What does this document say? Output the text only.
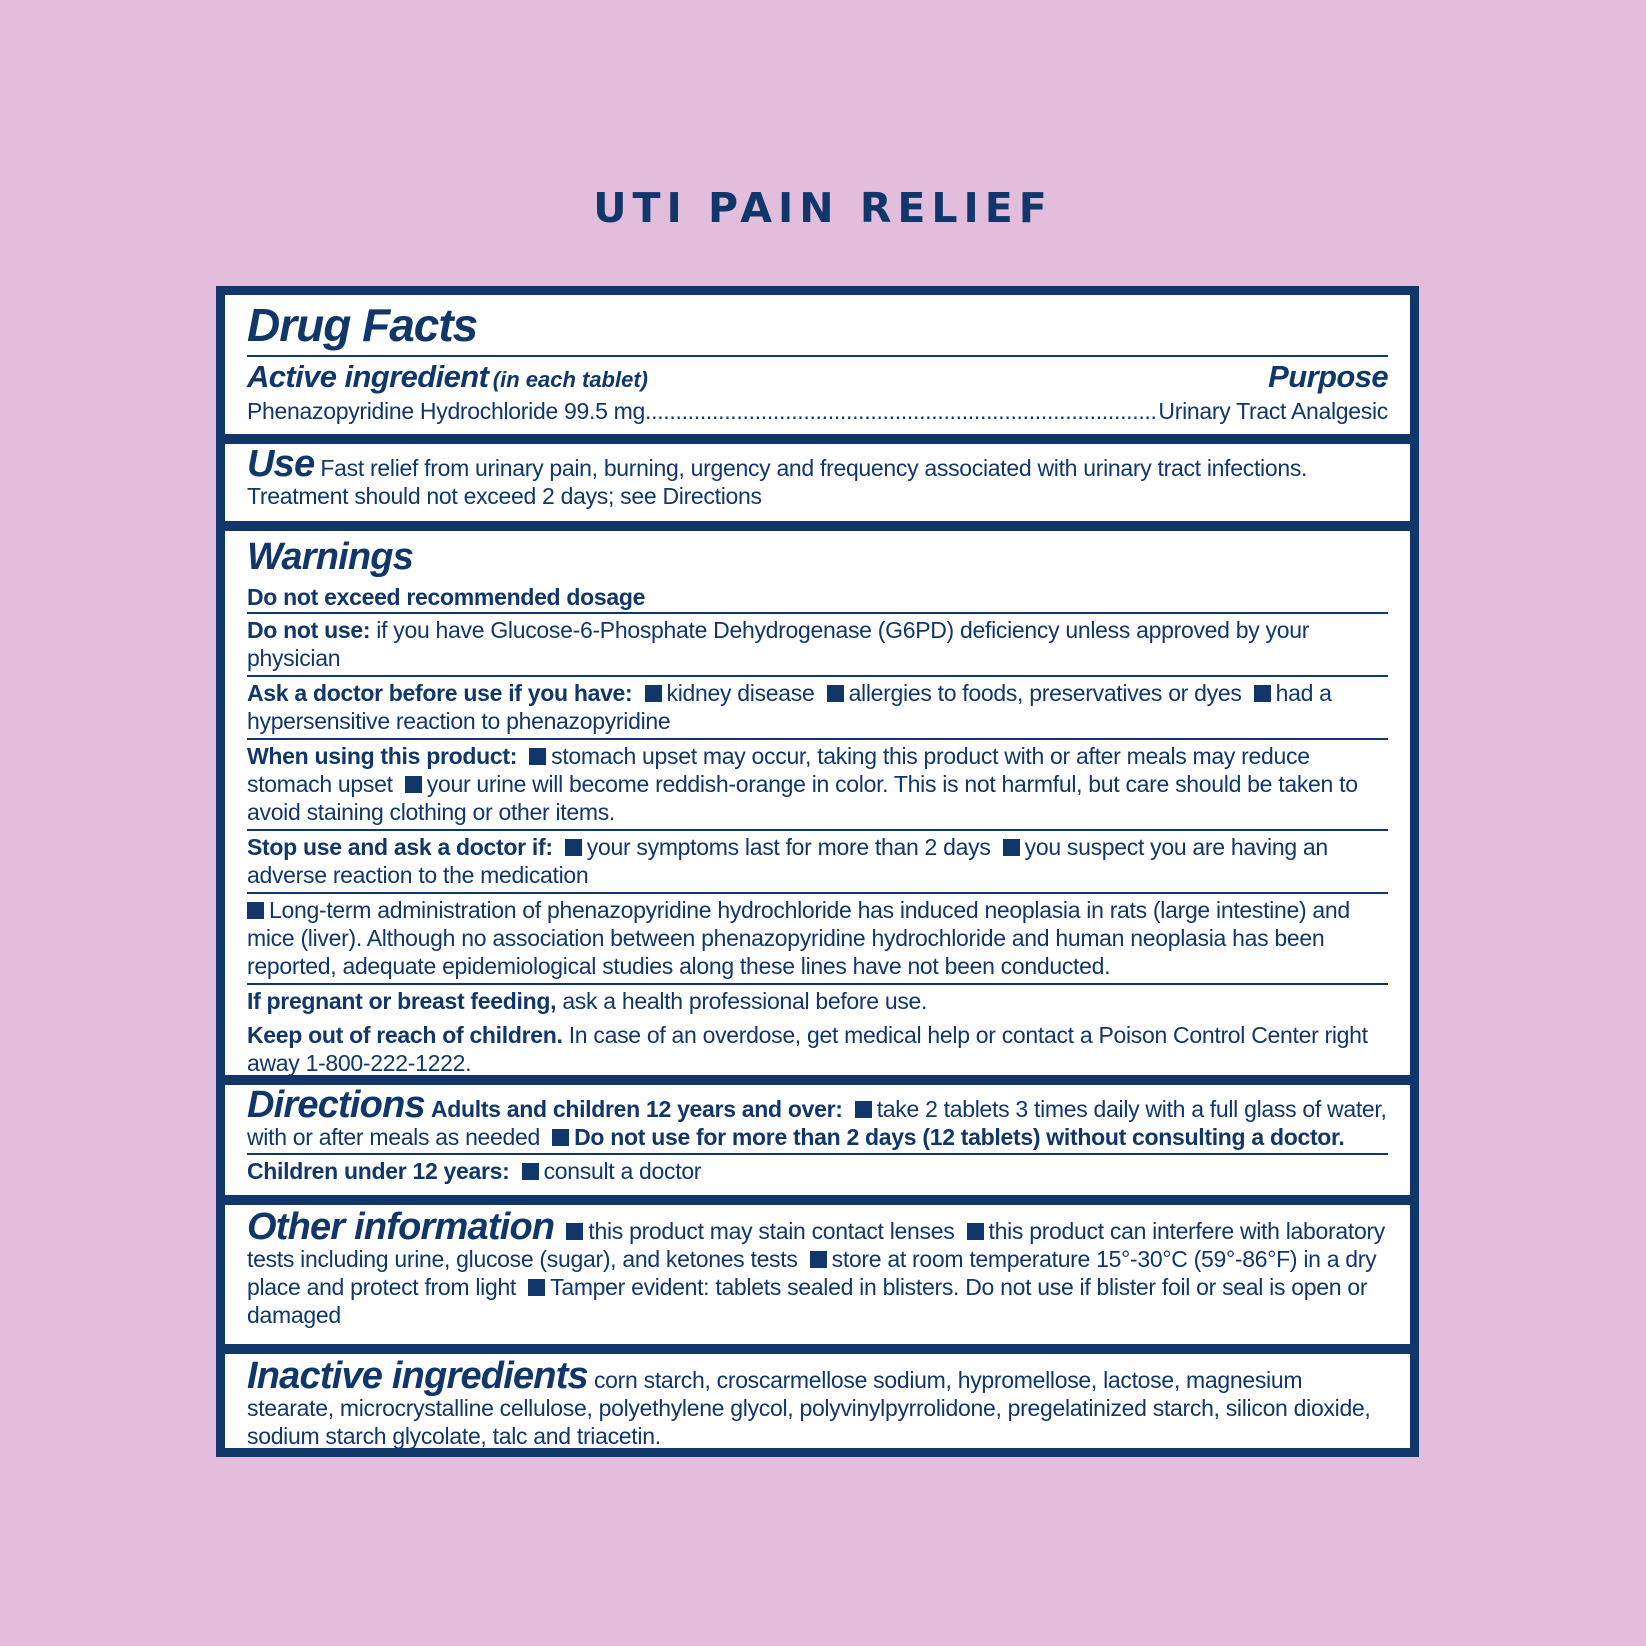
UTI PAIN RELIEF
Drug Facts
Active ingredient (in each tablet)	Purpose
Phenazopyridine Hydrochloride 99.5 mg
.....	Urinary Tract Analgesic
Use Fast relief from urinary pain, burning, urgency and frequency associated with urinary tract infections.
Treatment should not exceed 2 days; see Directions
Warnings
Do not exceed recommended dosage
Do not use: if you have Glucose-6-Phosphate Dehydrogenase (G6PD) deficiency unless approved by your physician
Ask a doctor before use if you have: kidney disease allergies to foods, preservatives or dyes had a hypersensitive reaction to phenazopyridine
When using this product: stomach upset may occur, taking this product with or after meals may reduce stomach upset your urine will become reddish-orange in color. This is not harmful, but care should be taken to avoid staining clothing or other items.
Stop use and ask a doctor if: your symptoms last for more than 2 days you suspect you are having an adverse reaction to the medication
Long-term administration of phenazopyridine hydrochloride has induced neoplasia in rats (large intestine) and mice (liver). Although no association between phenazopyridine hydrochloride and human neoplasia has been reported, adequate epidemiological studies along these lines have not been conducted.
If pregnant or breast feeding, ask a health professional before use.
Keep out of reach of children. In case of an overdose, get medical help or contact a Poison Control Center right away 1-800-222-1222.
Directions Adults and children 12 years and over: take 2 tablets 3 times daily with a full glass of water, with or after meals as needed Do not use for more than 2 days (12 tablets) without consulting a doctor.
Children under 12 years: consult a doctor
Other information this product may stain contact lenses this product can interfere with laboratory tests including urine, glucose (sugar), and ketones tests store at room temperature 15°-30°C (59°-86°F) in a dry place and protect from light Tamper evident: tablets sealed in blisters. Do not use if blister foil or seal is open or damaged
Inactive ingredients corn starch, croscarmellose sodium, hypromellose, lactose, magnesium stearate, microcrystalline cellulose, polyethylene glycol, polyvinylpyrrolidone, pregelatinized starch, silicon dioxide, sodium starch glycolate, talc and triacetin.
